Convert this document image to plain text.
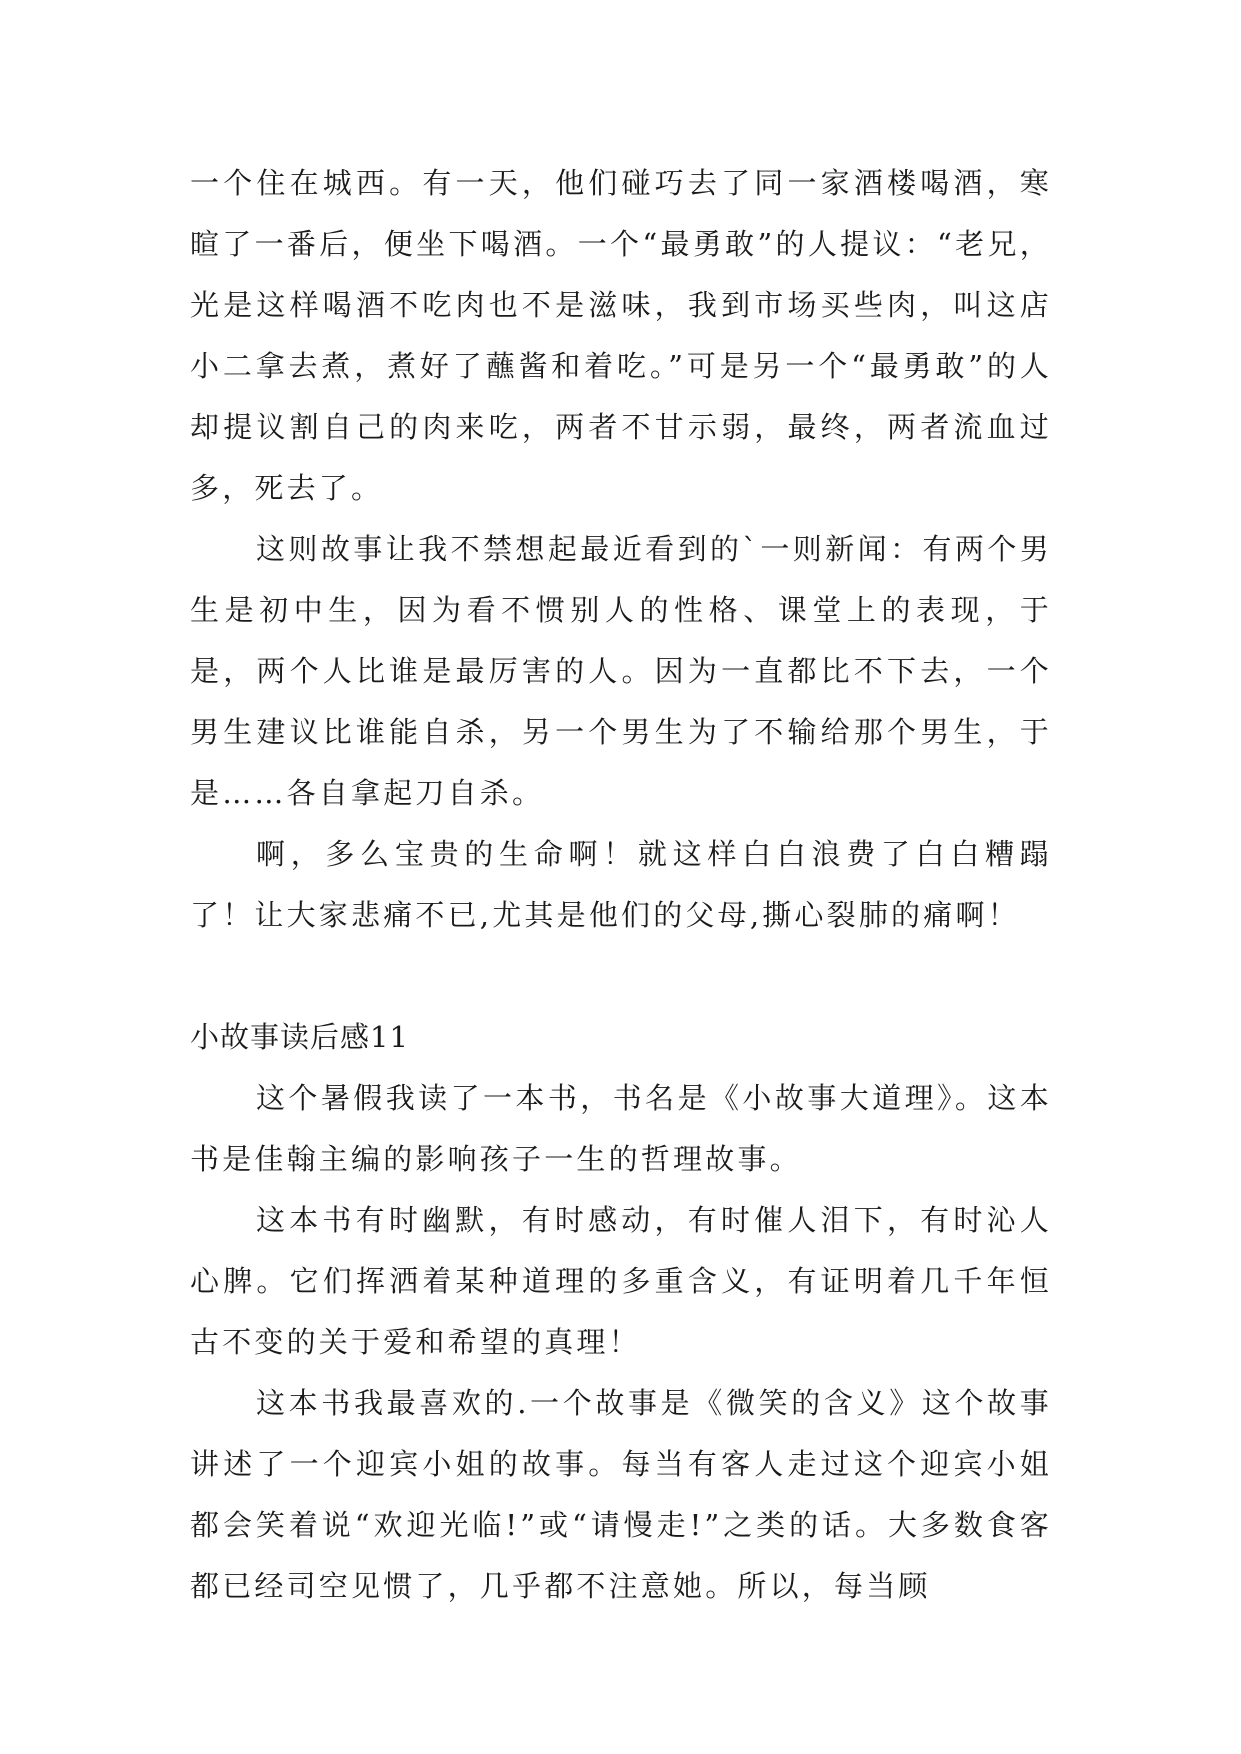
一个住在城西。有一天，他们碰巧去了同一家酒楼喝酒，寒暄了一番后，便坐下喝酒。一个“最勇敢”的人提议：“老兄，光是这样喝酒不吃肉也不是滋味，我到市场买些肉，叫这店小二拿去煮，煮好了蘸酱和着吃。”可是另一个“最勇敢”的人却提议割自己的肉来吃，两者不甘示弱，最终，两者流血过多，死去了。

这则故事让我不禁想起最近看到的`一则新闻：有两个男生是初中生，因为看不惯别人的性格、课堂上的表现，于是，两个人比谁是最厉害的人。因为一直都比不下去，一个男生建议比谁能自杀，另一个男生为了不输给那个男生，于是……各自拿起刀自杀。

啊，多么宝贵的生命啊！就这样白白浪费了白白糟蹋了！让大家悲痛不已,尤其是他们的父母,撕心裂肺的痛啊！

小故事读后感11

这个暑假我读了一本书，书名是《小故事大道理》。这本书是佳翰主编的影响孩子一生的哲理故事。

这本书有时幽默，有时感动，有时催人泪下，有时沁人心脾。它们挥洒着某种道理的多重含义，有证明着几千年恒古不变的关于爱和希望的真理！

这本书我最喜欢的.一个故事是《微笑的含义》这个故事讲述了一个迎宾小姐的故事。每当有客人走过这个迎宾小姐都会笑着说“欢迎光临!”或“请慢走!”之类的话。大多数食客都已经司空见惯了，几乎都不注意她。所以，每当顾
